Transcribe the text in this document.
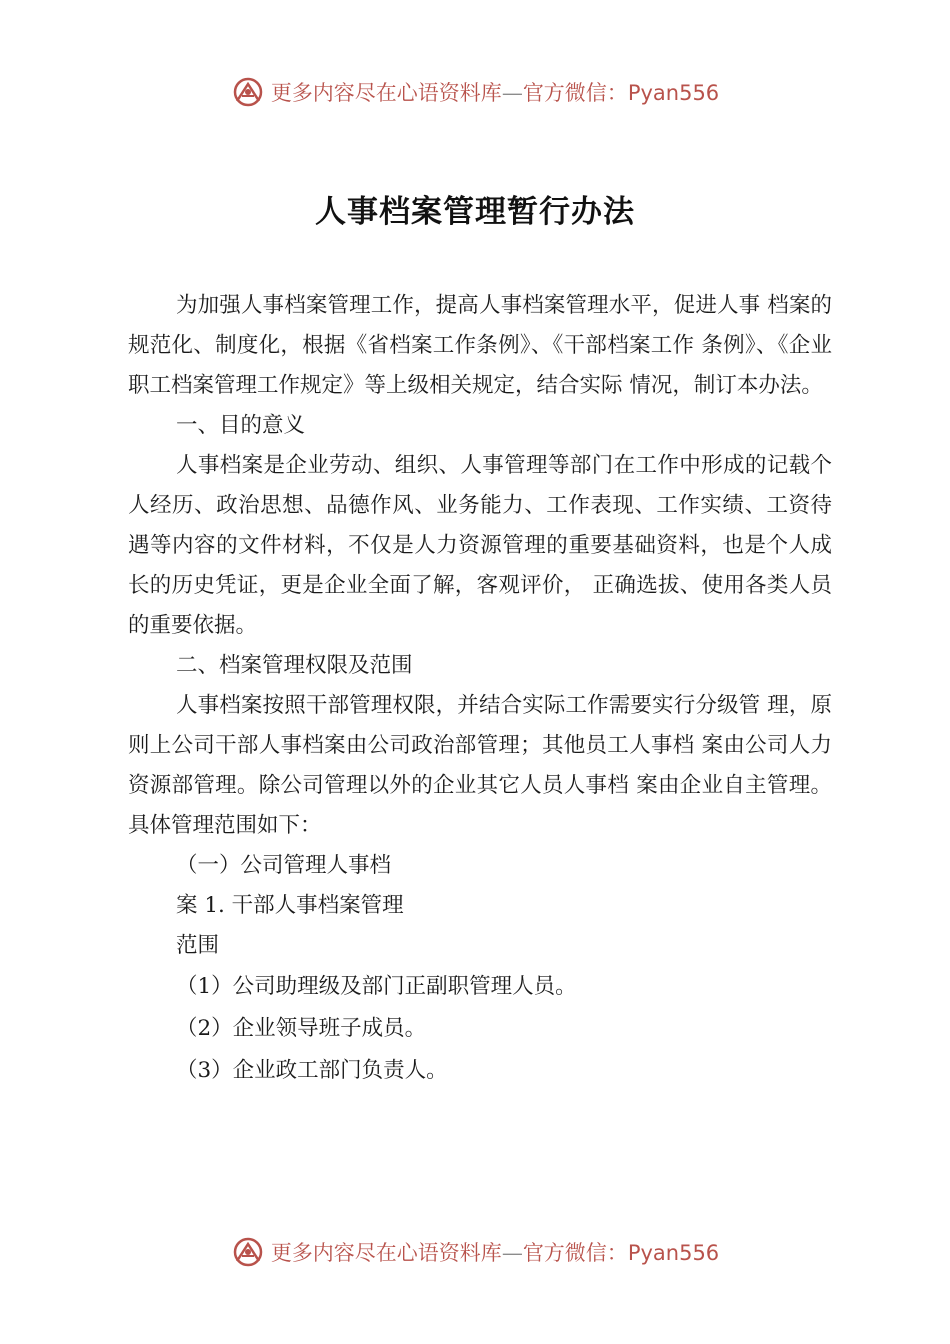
更多内容尽在心语资料库—官方微信：Pyan556
人事档案管理暂行办法

为加强人事档案管理工作，提高人事档案管理水平，促进人事 档案的规范化、制度化，根据《省档案工作条例》、《干部档案工作 条例》、《企业职工档案管理工作规定》等上级相关规定，结合实际 情况，制订本办法。

一、目的意义

人事档案是企业劳动、组织、人事管理等部门在工作中形成的记载个人经历、政治思想、品德作风、业务能力、工作表现、工作实绩、工资待遇等内容的文件材料，不仅是人力资源管理的重要基础资料，也是个人成长的历史凭证，更是企业全面了解，客观评价， 正确选拔、使用各类人员的重要依据。

二、档案管理权限及范围

人事档案按照干部管理权限，并结合实际工作需要实行分级管 理，原则上公司干部人事档案由公司政治部管理；其他员工人事档 案由公司人力资源部管理。除公司管理以外的企业其它人员人事档 案由企业自主管理。具体管理范围如下：

（一）公司管理人事档

案 1. 干部人事档案管理

范围

（1）公司助理级及部门正副职管理人员。

（2）企业领导班子成员。

（3）企业政工部门负责人。

更多内容尽在心语资料库—官方微信：Pyan556
